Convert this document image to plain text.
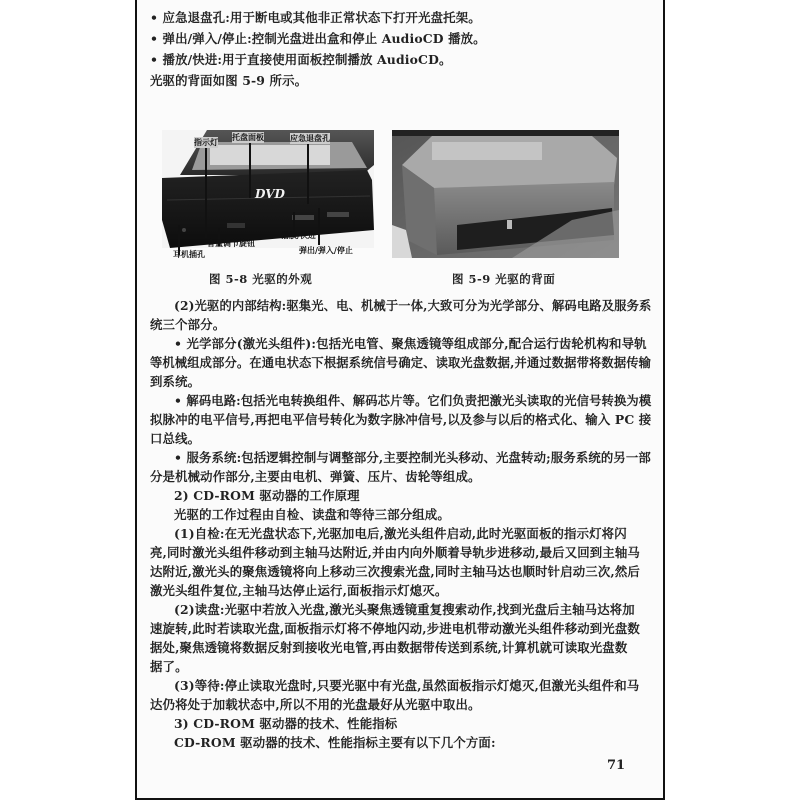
• 应急退盘孔:用于断电或其他非正常状态下打开光盘托架。
• 弹出/弹入/停止:控制光盘进出盒和停止 AudioCD 播放。
• 播放/快进:用于直接使用面板控制播放 AudioCD。
光驱的背面如图 5-9 所示。
DVD
指示灯 托盘面板	应急退盘孔
耳机插孔
音量调节旋钮
播放/快进
弹出/弹入/停止
图 5-8 光驱的外观	图 5-9 光驱的背面
(2)光驱的内部结构:驱集光、电、机械于一体,大致可分为光学部分、解码电路及服务系
统三个部分。
• 光学部分(激光头组件):包括光电管、聚焦透镜等组成部分,配合运行齿轮机构和导轨
等机械组成部分。在通电状态下根据系统信号确定、读取光盘数据,并通过数据带将数据传输
到系统。
• 解码电路:包括光电转换组件、解码芯片等。它们负责把激光头读取的光信号转换为模
拟脉冲的电平信号,再把电平信号转化为数字脉冲信号,以及参与以后的格式化、输入 PC 接
口总线。
• 服务系统:包括逻辑控制与调整部分,主要控制光头移动、光盘转动;服务系统的另一部
分是机械动作部分,主要由电机、弹簧、压片、齿轮等组成。
2) CD-ROM 驱动器的工作原理
光驱的工作过程由自检、读盘和等待三部分组成。
(1)自检:在无光盘状态下,光驱加电后,激光头组件启动,此时光驱面板的指示灯将闪
亮,同时激光头组件移动到主轴马达附近,并由内向外顺着导轨步进移动,最后又回到主轴马
达附近,激光头的聚焦透镜将向上移动三次搜索光盘,同时主轴马达也顺时针启动三次,然后
激光头组件复位,主轴马达停止运行,面板指示灯熄灭。
(2)读盘:光驱中若放入光盘,激光头聚焦透镜重复搜索动作,找到光盘后主轴马达将加
速旋转,此时若读取光盘,面板指示灯将不停地闪动,步进电机带动激光头组件移动到光盘数
据处,聚焦透镜将数据反射到接收光电管,再由数据带传送到系统,计算机就可读取光盘数
据了。
(3)等待:停止读取光盘时,只要光驱中有光盘,虽然面板指示灯熄灭,但激光头组件和马
达仍将处于加载状态中,所以不用的光盘最好从光驱中取出。
3) CD-ROM 驱动器的技术、性能指标
CD-ROM 驱动器的技术、性能指标主要有以下几个方面:
71
